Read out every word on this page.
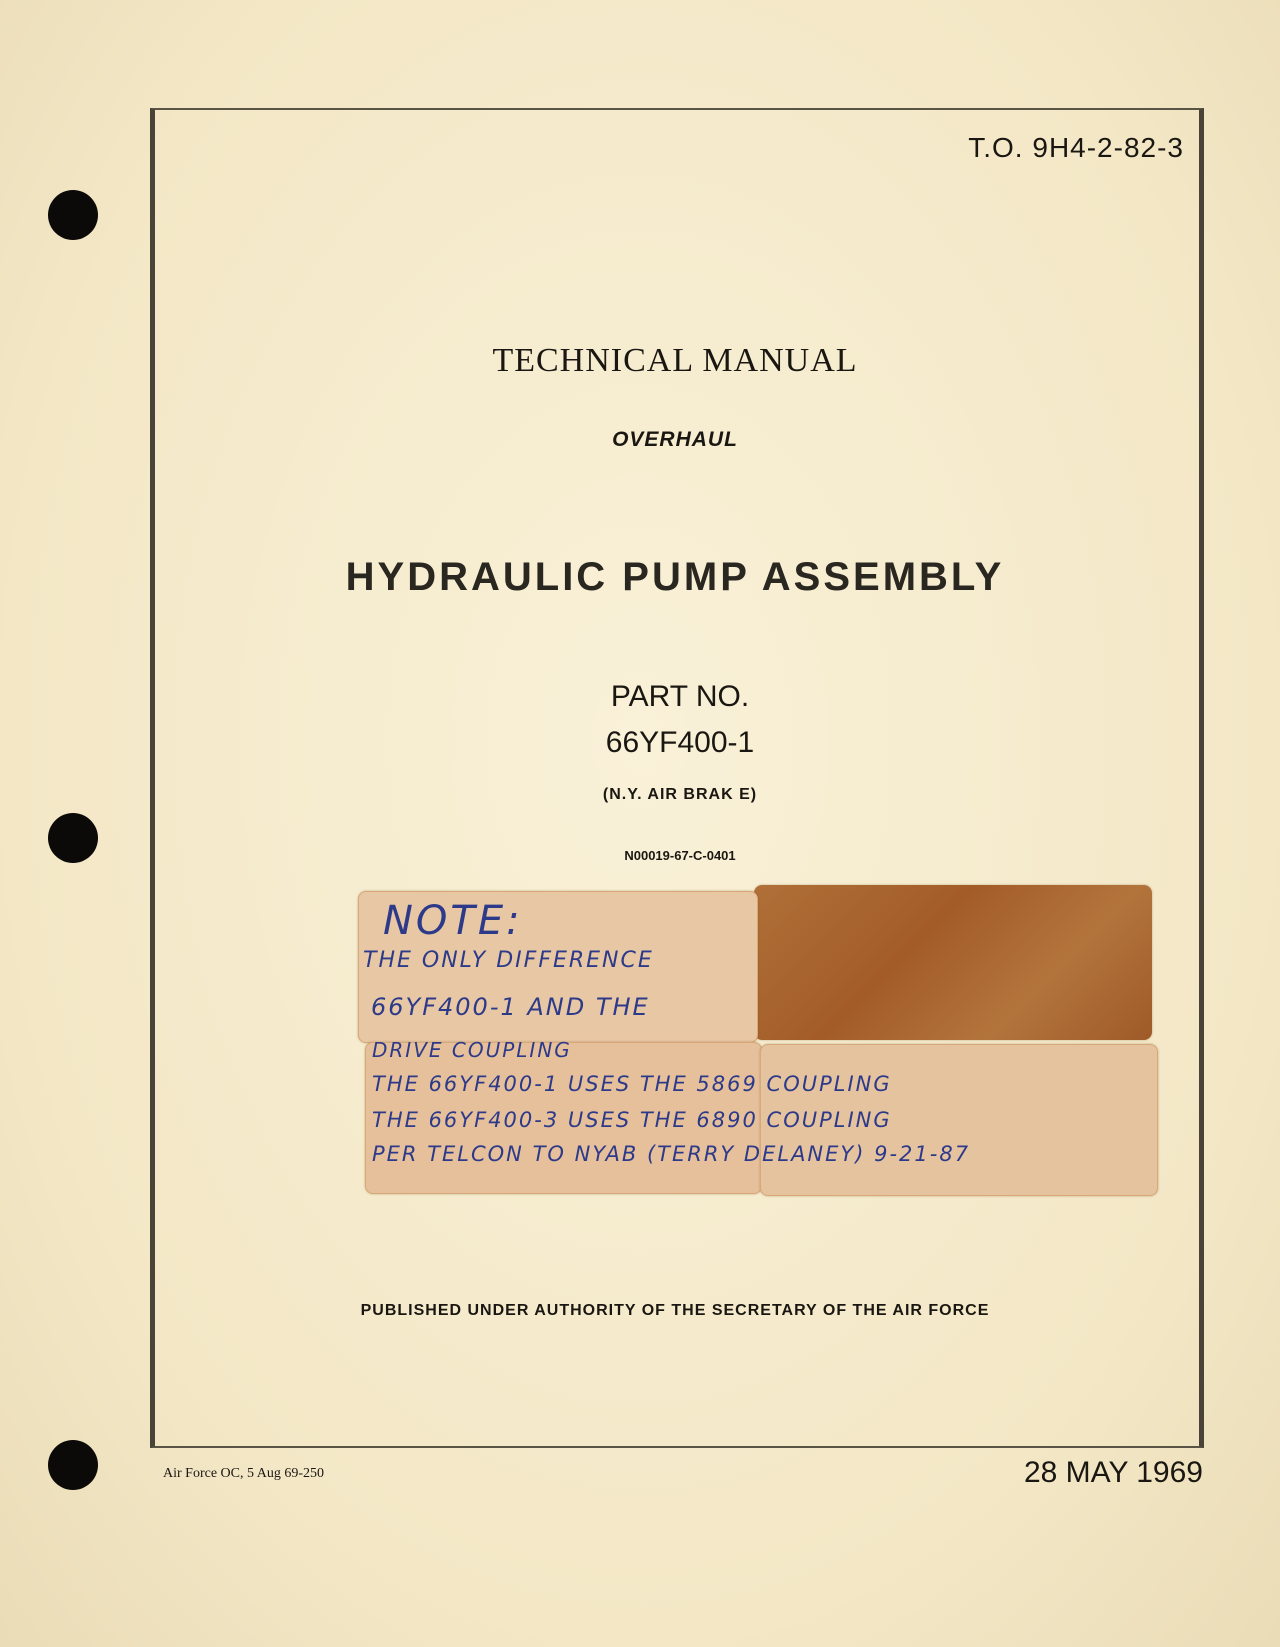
T.O. 9H4-2-82-3
TECHNICAL MANUAL
OVERHAUL
HYDRAULIC PUMP ASSEMBLY
PART NO.
66YF400-1
(N.Y. AIR BRAK E)
N00019-67-C-0401
NOTE:
THE ONLY DIFFERENCE
66YF400-1 AND THE
DRIVE COUPLING
THE 66YF400-1 USES THE 5869 COUPLING
THE 66YF400-3 USES THE 6890 COUPLING
PER TELCON TO NYAB (TERRY DELANEY) 9-21-87
PUBLISHED UNDER AUTHORITY OF THE SECRETARY OF THE AIR FORCE
Air Force OC, 5 Aug 69-250	28 MAY 1969
